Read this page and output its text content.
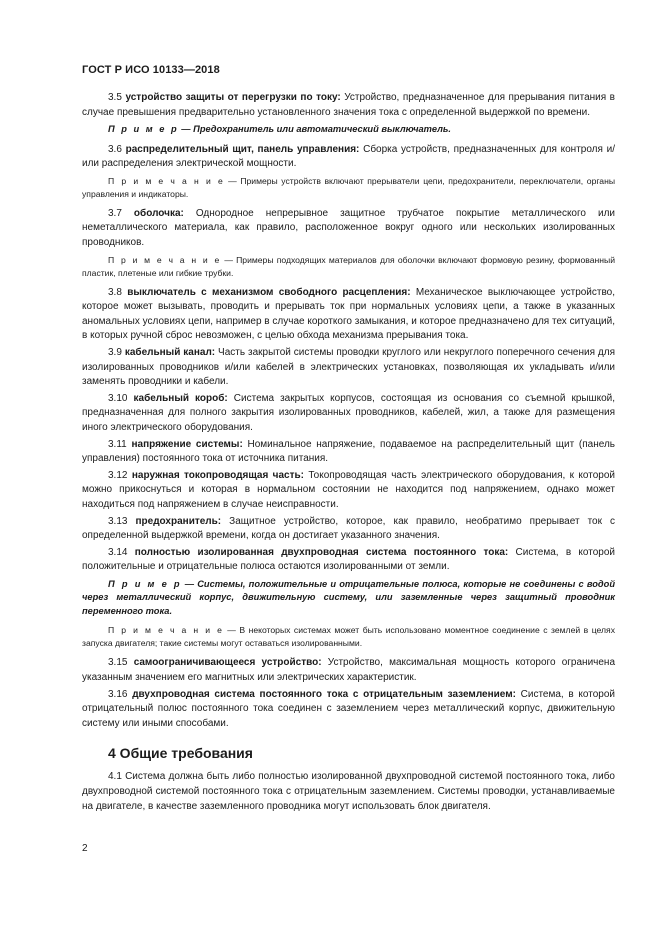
ГОСТ Р ИСО 10133—2018

3.5 устройство защиты от перегрузки по току: Устройство, предназначенное для прерывания питания в случае превышения предварительно установленного значения тока с определенной выдержкой по времени.

П р и м е р — Предохранитель или автоматический выключатель.

3.6 распределительный щит, панель управления: Сборка устройств, предназначенных для контроля и/или распределения электрической мощности.

П р и м е ч а н и е — Примеры устройств включают прерыватели цепи, предохранители, переключатели, органы управления и индикаторы.

3.7 оболочка: Однородное непрерывное защитное трубчатое покрытие металлического или неметаллического материала, как правило, расположенное вокруг одного или нескольких изолированных проводников.

П р и м е ч а н и е — Примеры подходящих материалов для оболочки включают формовую резину, формованный пластик, плетеные или гибкие трубки.

3.8 выключатель с механизмом свободного расцепления: Механическое выключающее устройство, которое может вызывать, проводить и прерывать ток при нормальных условиях цепи, а также в указанных аномальных условиях цепи, например в случае короткого замыкания, и которое предназначено для тех ситуаций, в которых ручной сброс невозможен, с целью обхода механизма прерывания тока.

3.9 кабельный канал: Часть закрытой системы проводки круглого или некруглого поперечного сечения для изолированных проводников и/или кабелей в электрических установках, позволяющая их укладывать и/или заменять проводники и кабели.

3.10 кабельный короб: Система закрытых корпусов, состоящая из основания со съемной крышкой, предназначенная для полного закрытия изолированных проводников, кабелей, жил, а также для размещения иного электрического оборудования.

3.11 напряжение системы: Номинальное напряжение, подаваемое на распределительный щит (панель управления) постоянного тока от источника питания.

3.12 наружная токопроводящая часть: Токопроводящая часть электрического оборудования, к которой можно прикоснуться и которая в нормальном состоянии не находится под напряжением, однако может находиться под напряжением в случае неисправности.

3.13 предохранитель: Защитное устройство, которое, как правило, необратимо прерывает ток с определенной выдержкой времени, когда он достигает указанного значения.

3.14 полностью изолированная двухпроводная система постоянного тока: Система, в которой положительные и отрицательные полюса остаются изолированными от земли.

П р и м е р — Системы, положительные и отрицательные полюса, которые не соединены с водой через металлический корпус, движительную систему, или заземленные через защитный проводник переменного тока.

П р и м е ч а н и е — В некоторых системах может быть использовано моментное соединение с землей в целях запуска двигателя; такие системы могут оставаться изолированными.

3.15 самоограничивающееся устройство: Устройство, максимальная мощность которого ограничена указанным значением его магнитных или электрических характеристик.

3.16 двухпроводная система постоянного тока с отрицательным заземлением: Система, в которой отрицательный полюс постоянного тока соединен с заземлением через металлический корпус, движительную систему или иными способами.

4 Общие требования

4.1 Система должна быть либо полностью изолированной двухпроводной системой постоянного тока, либо двухпроводной системой постоянного тока с отрицательным заземлением. Системы проводки, устанавливаемые на двигателе, в качестве заземленного проводника могут использовать блок двигателя.

2
